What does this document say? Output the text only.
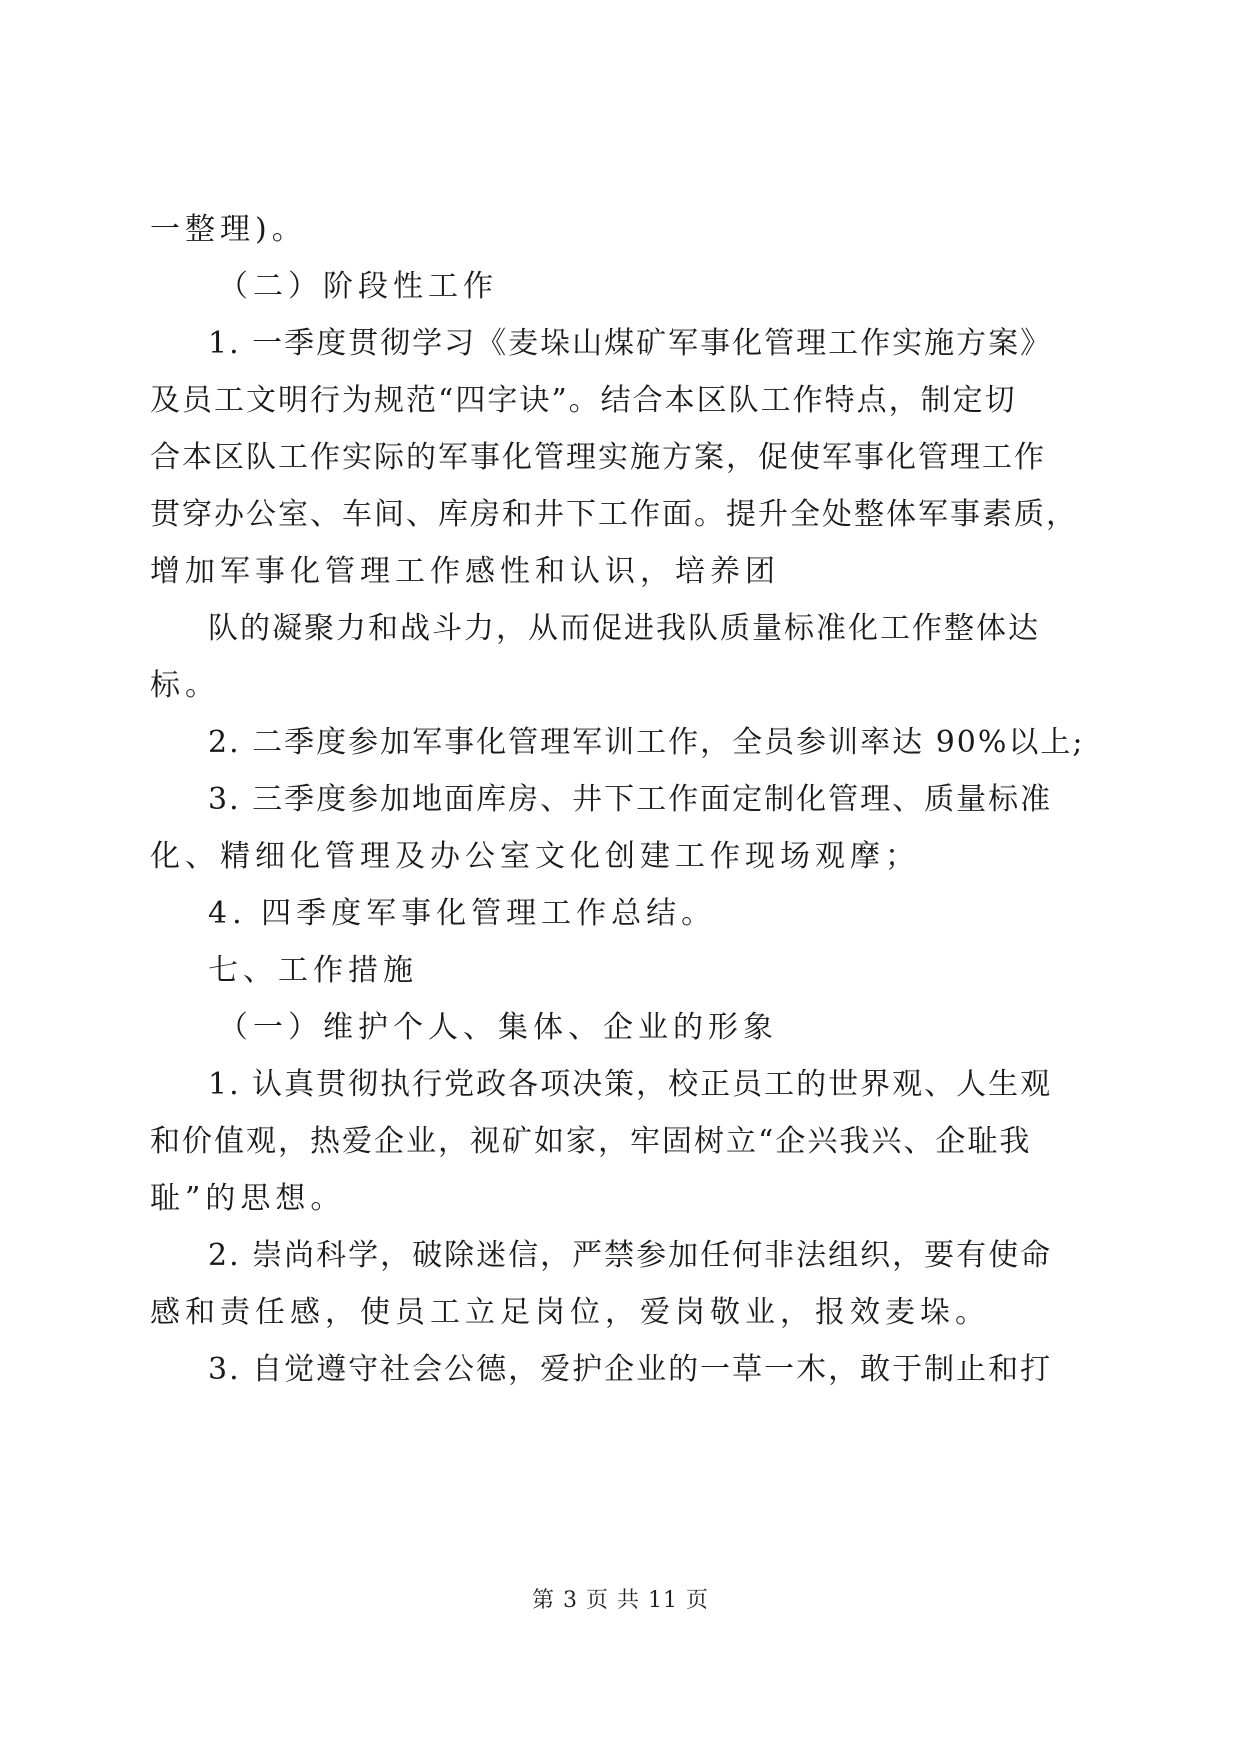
一整理)。

（二）阶段性工作

1. 一季度贯彻学习《麦垛山煤矿军事化管理工作实施方案》

及员工文明行为规范“四字诀”。结合本区队工作特点，制定切

合本区队工作实际的军事化管理实施方案，促使军事化管理工作

贯穿办公室、车间、库房和井下工作面。提升全处整体军事素质，

增加军事化管理工作感性和认识，培养团

队的凝聚力和战斗力，从而促进我队质量标准化工作整体达

标。

2. 二季度参加军事化管理军训工作，全员参训率达 90%以上;

3. 三季度参加地面库房、井下工作面定制化管理、质量标准

化、精细化管理及办公室文化创建工作现场观摩；

4. 四季度军事化管理工作总结。

七、工作措施

（一）维护个人、集体、企业的形象

1. 认真贯彻执行党政各项决策，校正员工的世界观、人生观

和价值观，热爱企业，视矿如家，牢固树立“企兴我兴、企耻我

耻”的思想。

2. 崇尚科学，破除迷信，严禁参加任何非法组织，要有使命

感和责任感，使员工立足岗位，爱岗敬业，报效麦垛。

3. 自觉遵守社会公德，爱护企业的一草一木，敢于制止和打

第 3 页 共 11 页
